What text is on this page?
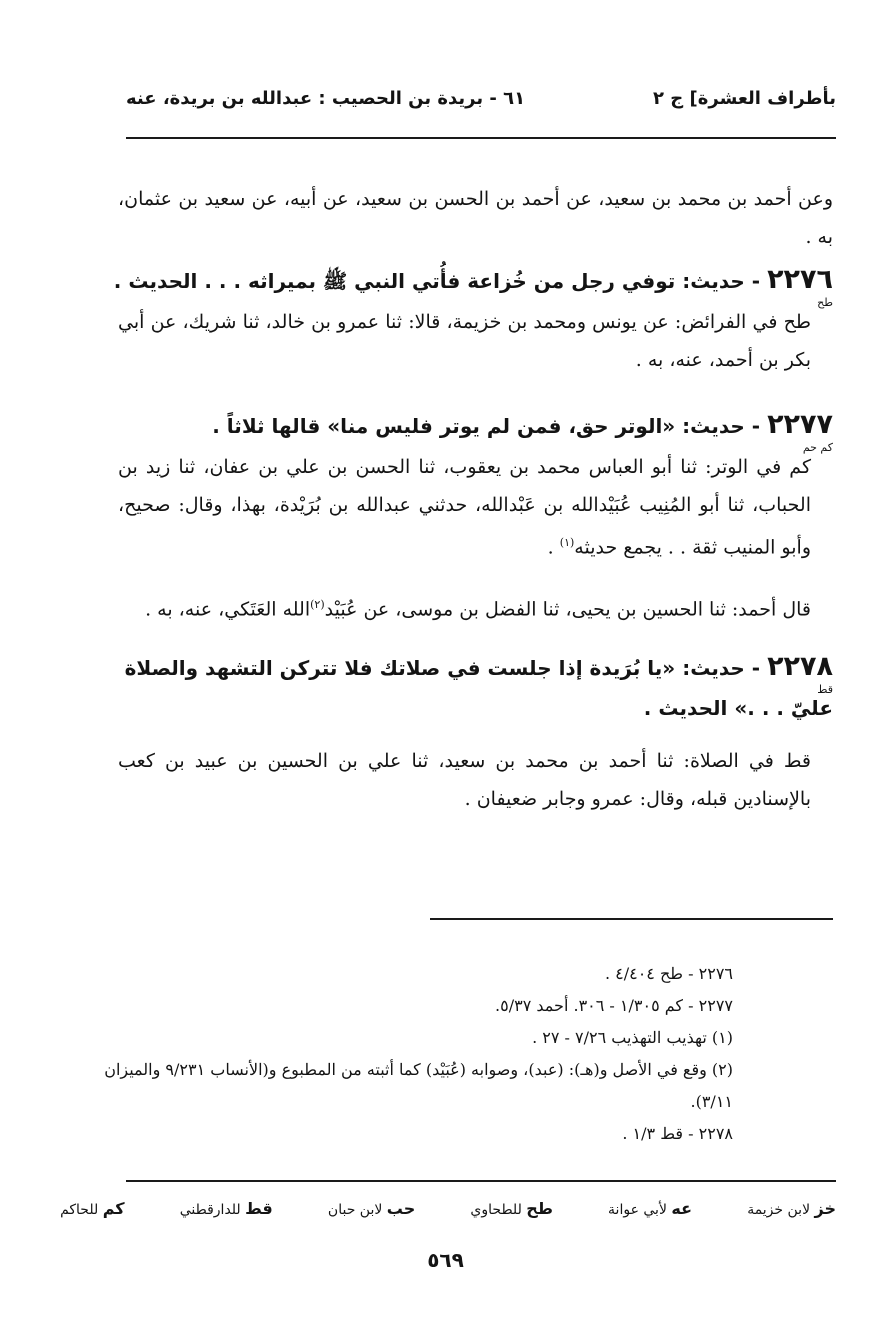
بأطراف العشرة] ج ٢
٦١ - بريدة بن الحصيب : عبدالله بن بريدة، عنه

وعن أحمد بن محمد بن سعيد، عن أحمد بن الحسن بن سعيد، عن أبيه، عن سعيد بن عثمان، به .

٢٢٧٦ - حديث: توفي رجل من خُزاعة فأُتي النبي ﷺ بميراثه . . . الحديث .

طح

طح في الفرائض: عن يونس ومحمد بن خزيمة، قالا: ثنا عمرو بن خالد، ثنا شريك، عن أبي بكر بن أحمد، عنه، به .

٢٢٧٧ - حديث: «الوتر حق، فمن لم يوتر فليس منا» قالها ثلاثاً .

كم حم

كم في الوتر: ثنا أبو العباس محمد بن يعقوب، ثنا الحسن بن علي بن عفان، ثنا زيد بن الحباب، ثنا أبو المُنِيب عُبَيْدالله بن عَبْدالله، حدثني عبدالله بن بُرَيْدة، بهذا، وقال: صحيح، وأبو المنيب ثقة . . يجمع حديثه$^{(١)}$ .

قال أحمد: ثنا الحسين بن يحيى، ثنا الفضل بن موسى، عن عُبَيْد$^{(٢)}$الله العَتَكي، عنه، به .

٢٢٧٨ - حديث: «يا بُرَيدة إذا جلست في صلاتك فلا تتركن التشهد والصلاة عليّ . . .» الحديث .

قط

قط في الصلاة: ثنا أحمد بن محمد بن سعيد، ثنا علي بن الحسين بن عبيد بن كعب بالإسنادين قبله، وقال: عمرو وجابر ضعيفان .

٢٢٧٦ - طح ٤/٤٠٤ .

٢٢٧٧ - كم ١/٣٠٥ - ٣٠٦. أحمد ٥/٣٧.

(١) تهذيب التهذيب ٧/٢٦ - ٢٧ .

(٢) وقع في الأصل و(هـ): (عبد)، وصوابه (عُبَيْد) كما أثبته من المطبوع و(الأنساب ٩/٢٣١ والميزان ٣/١١).

٢٢٧٨ - قط ١/٣ .

خز لابن خزيمة
عه لأبي عوانة
طح للطحاوي
حب لابن حبان
قط للدارقطني
كم للحاكم
٥٦٩
